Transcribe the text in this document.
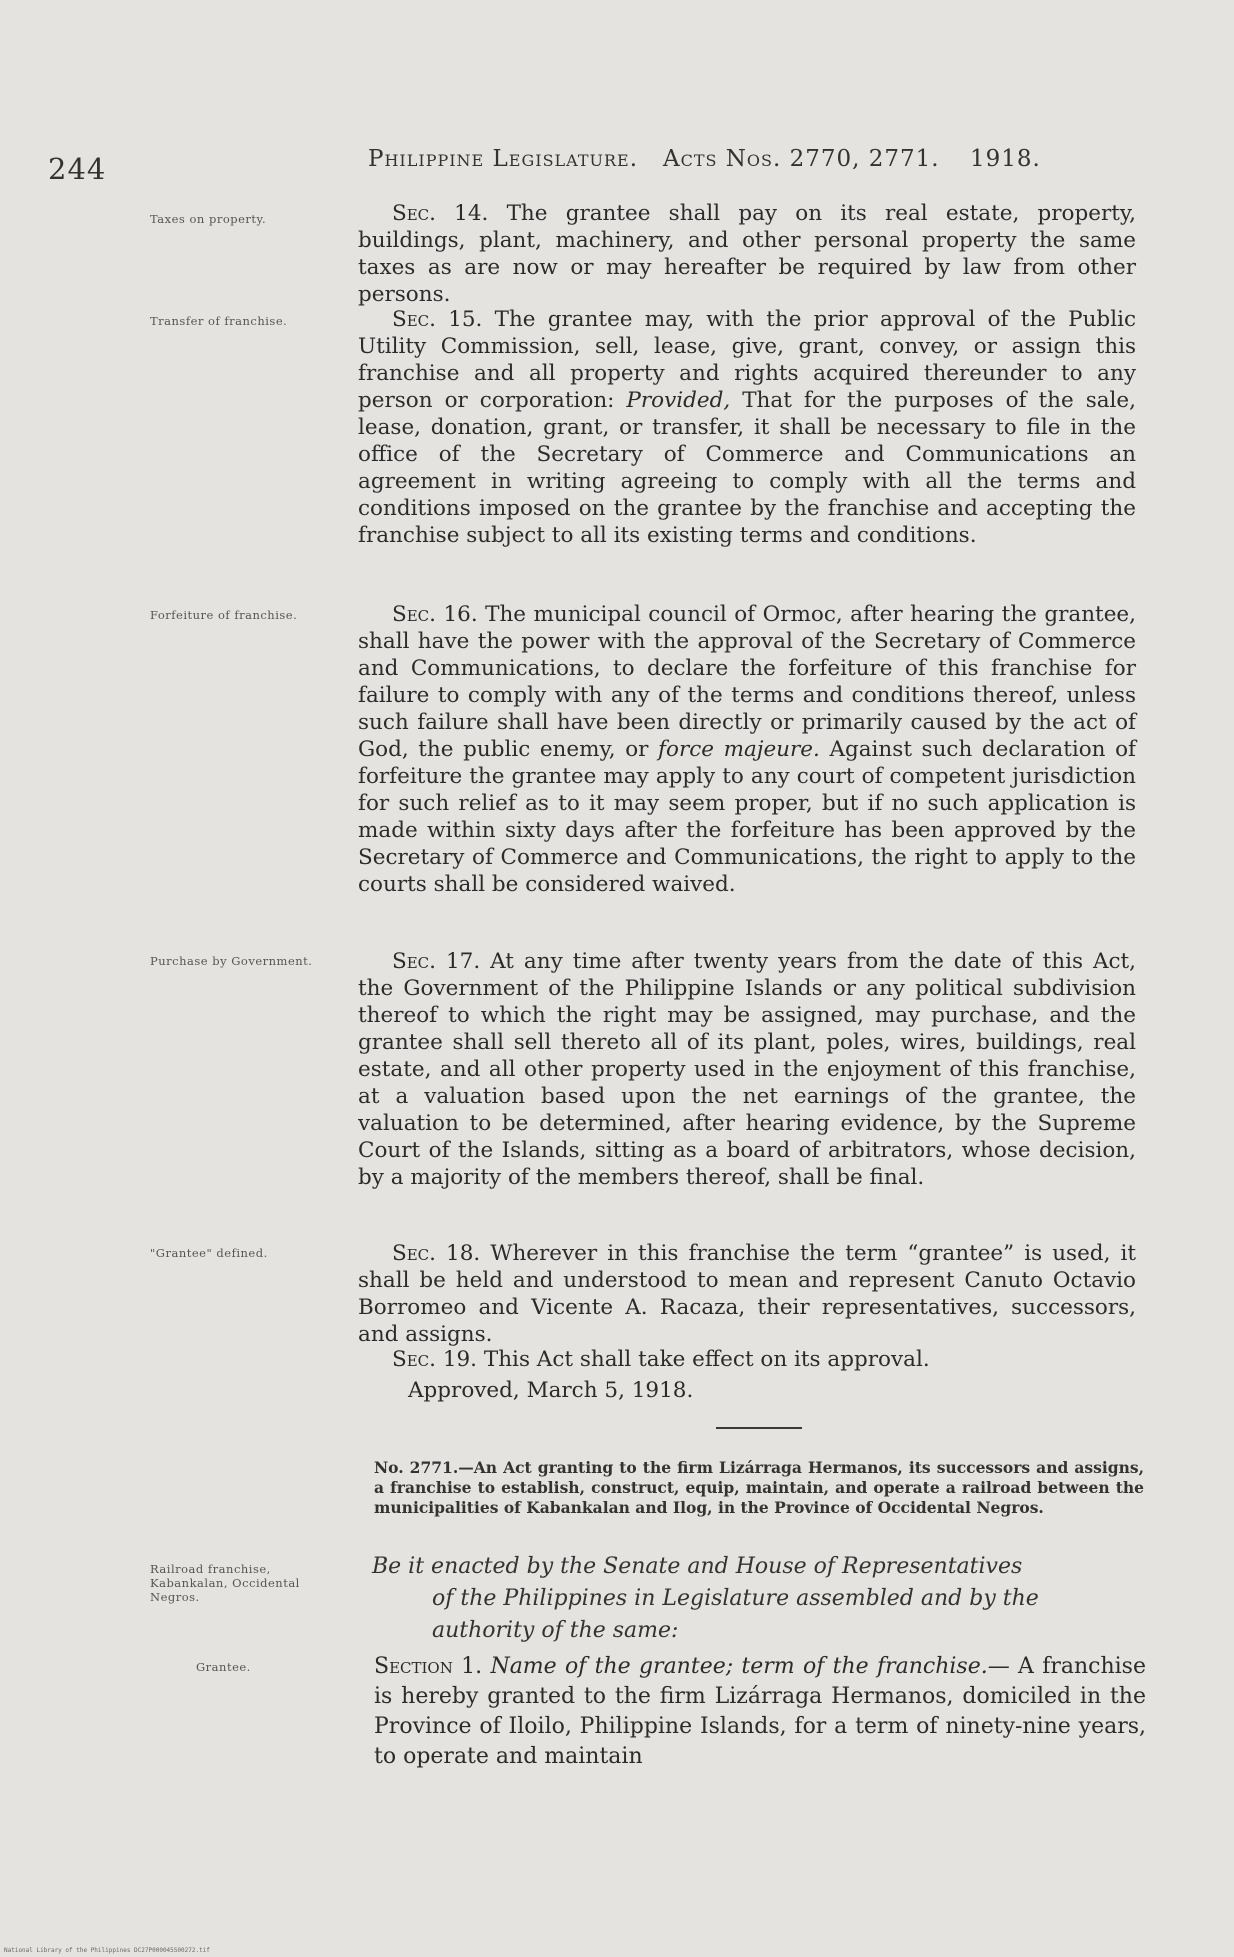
244	Philippine Legislature. Acts Nos. 2770, 2771. 1918.
Taxes on property.
Transfer of franchise.
Forfeiture of franchise.
Purchase by Government.
"Grantee" defined.
Sec. 14. The grantee shall pay on its real estate, property, buildings, plant, machinery, and other personal property the same taxes as are now or may hereafter be required by law from other persons.
Sec. 15. The grantee may, with the prior approval of the Public Utility Commission, sell, lease, give, grant, convey, or assign this franchise and all property and rights acquired thereunder to any person or corporation: Provided, That for the purposes of the sale, lease, donation, grant, or transfer, it shall be necessary to file in the office of the Secretary of Commerce and Communications an agreement in writing agreeing to comply with all the terms and conditions imposed on the grantee by the franchise and accepting the franchise subject to all its existing terms and conditions.
Sec. 16. The municipal council of Ormoc, after hearing the grantee, shall have the power with the approval of the Secretary of Commerce and Communications, to declare the forfeiture of this franchise for failure to comply with any of the terms and conditions thereof, unless such failure shall have been directly or primarily caused by the act of God, the public enemy, or force majeure. Against such declaration of forfeiture the grantee may apply to any court of competent jurisdiction for such relief as to it may seem proper, but if no such application is made within sixty days after the forfeiture has been approved by the Secretary of Commerce and Communications, the right to apply to the courts shall be considered waived.
Sec. 17. At any time after twenty years from the date of this Act, the Government of the Philippine Islands or any political subdivision thereof to which the right may be assigned, may purchase, and the grantee shall sell thereto all of its plant, poles, wires, buildings, real estate, and all other property used in the enjoyment of this franchise, at a valuation based upon the net earnings of the grantee, the valuation to be determined, after hearing evidence, by the Supreme Court of the Islands, sitting as a board of arbitrators, whose decision, by a majority of the members thereof, shall be final.
Sec. 18. Wherever in this franchise the term “grantee” is used, it shall be held and understood to mean and represent Canuto Octavio Borromeo and Vicente A. Racaza, their representatives, successors, and assigns.
Sec. 19. This Act shall take effect on its approval.
Approved, March 5, 1918.
No. 2771.—An Act granting to the firm Lizárraga Hermanos, its successors and assigns, a franchise to establish, construct, equip, maintain, and operate a railroad between the municipalities of Kabankalan and Ilog, in the Province of Occidental Negros.
Railroad franchise, Kabankalan, Occidental Negros.
Be it enacted by the Senate and House of Representatives
of the Philippines in Legislature assembled and by the authority of the same:
Grantee.	Section 1. Name of the grantee; term of the franchise.— A franchise is hereby granted to the firm Lizárraga Hermanos, domiciled in the Province of Iloilo, Philippine Islands, for a term of ninety-nine years, to operate and maintain
National Library of the Philippines DC27P000045S00272.tif
